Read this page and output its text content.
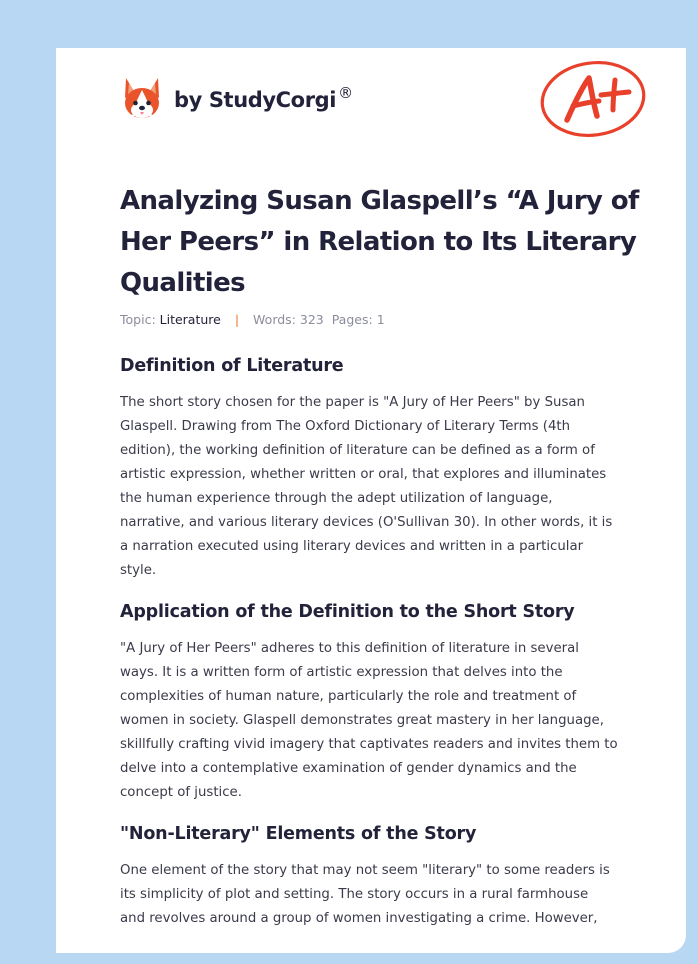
by StudyCorgi ®
Analyzing Susan Glaspell’s “A Jury of Her Peers” in Relation to Its Literary Qualities
Topic: Literature | Words: 323 Pages: 1
Definition of Literature

The short story chosen for the paper is "A Jury of Her Peers" by Susan
Glaspell. Drawing from The Oxford Dictionary of Literary Terms (4th
edition), the working definition of literature can be defined as a form of
artistic expression, whether written or oral, that explores and illuminates
the human experience through the adept utilization of language,
narrative, and various literary devices (O'Sullivan 30). In other words, it is
a narration executed using literary devices and written in a particular
style.

Application of the Definition to the Short Story

"A Jury of Her Peers" adheres to this definition of literature in several
ways. It is a written form of artistic expression that delves into the
complexities of human nature, particularly the role and treatment of
women in society. Glaspell demonstrates great mastery in her language,
skillfully crafting vivid imagery that captivates readers and invites them to
delve into a contemplative examination of gender dynamics and the
concept of justice.

"Non-Literary" Elements of the Story

One element of the story that may not seem "literary" to some readers is
its simplicity of plot and setting. The story occurs in a rural farmhouse
and revolves around a group of women investigating a crime. However,
